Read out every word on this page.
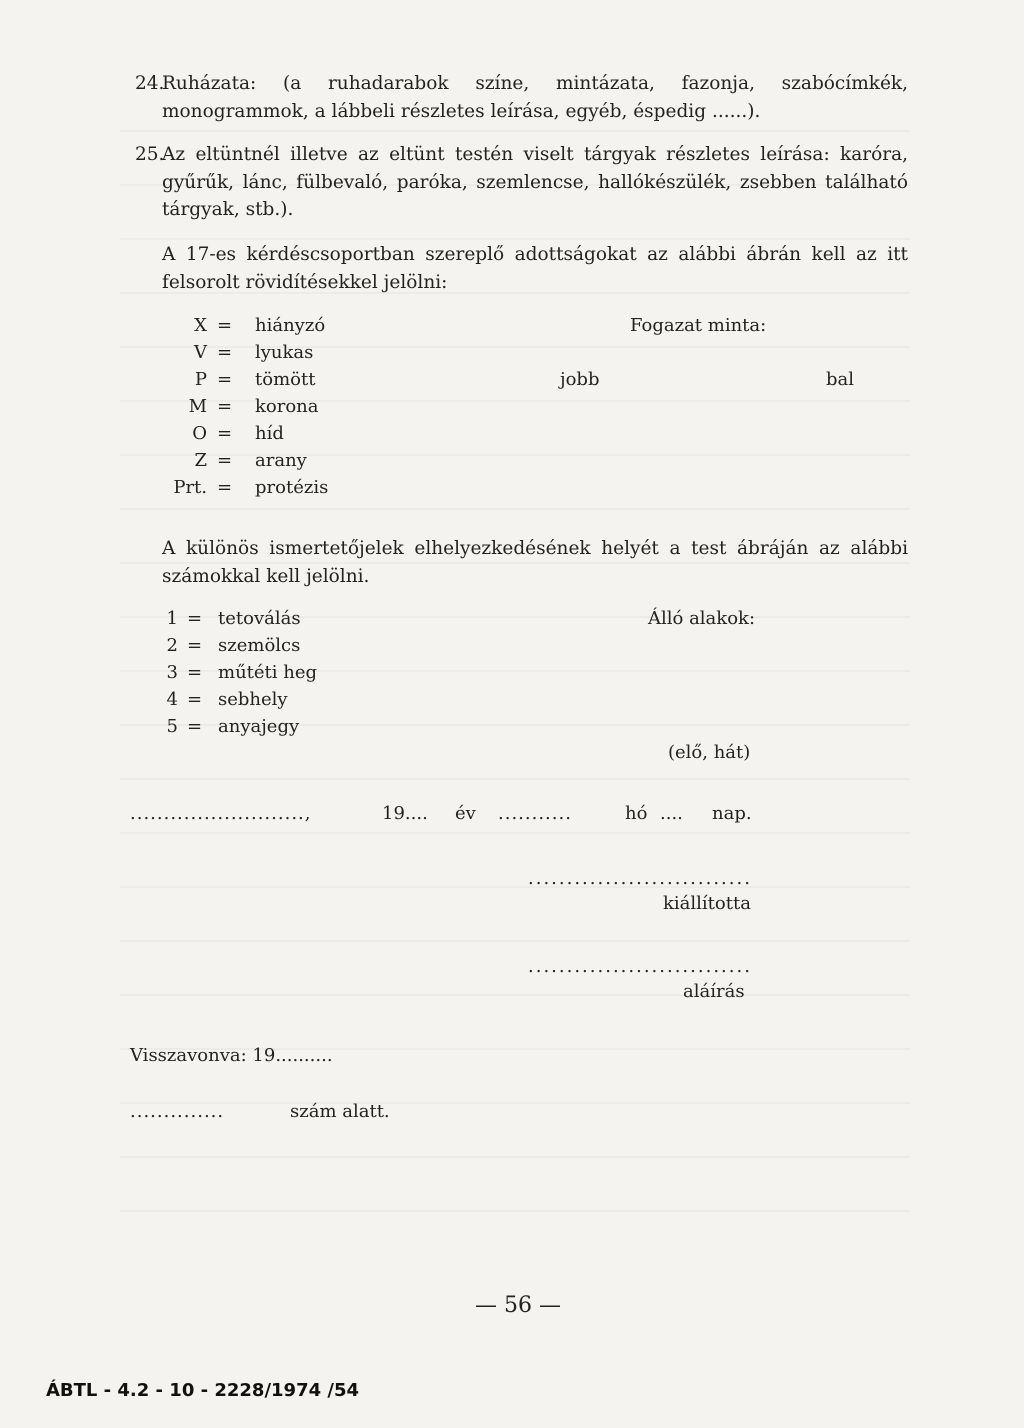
24.
Ruházata: (a ruhadarabok színe, mintázata, fazonja, szabócímkék, monogrammok, a lábbeli részletes leírása, egyéb, éspedig ......).
25.
Az eltüntnél illetve az eltünt testén viselt tárgyak részletes leírása: karóra, gyűrűk, lánc, fülbevaló, paróka, szemlencse, hallókészülék, zsebben található tárgyak, stb.).
A 17-es kérdéscsoportban szereplő adottságokat az alábbi ábrán kell az itt felsorolt rövidítésekkel jelölni:
X = hiányzó
V = lyukas
P = tömött
M = korona
O = híd
Z = arany
Prt. = protézis
Fogazat minta:
jobb	bal
A különös ismertetőjelek elhelyezkedésének helyét a test ábráján az alábbi számokkal kell jelölni.
1 = tetoválás
2 = szemölcs
3 = műtéti heg
4 = sebhely
5 = anyajegy
Álló alakok:
(elő, hát)
..........................,	19.... év ...........	hó .... nap.
.............................
kiállította
.............................
aláírás
Visszavonva: 19..........
..............	szám alatt.
— 56 —
ÁBTL - 4.2 - 10 - 2228/1974 /54
